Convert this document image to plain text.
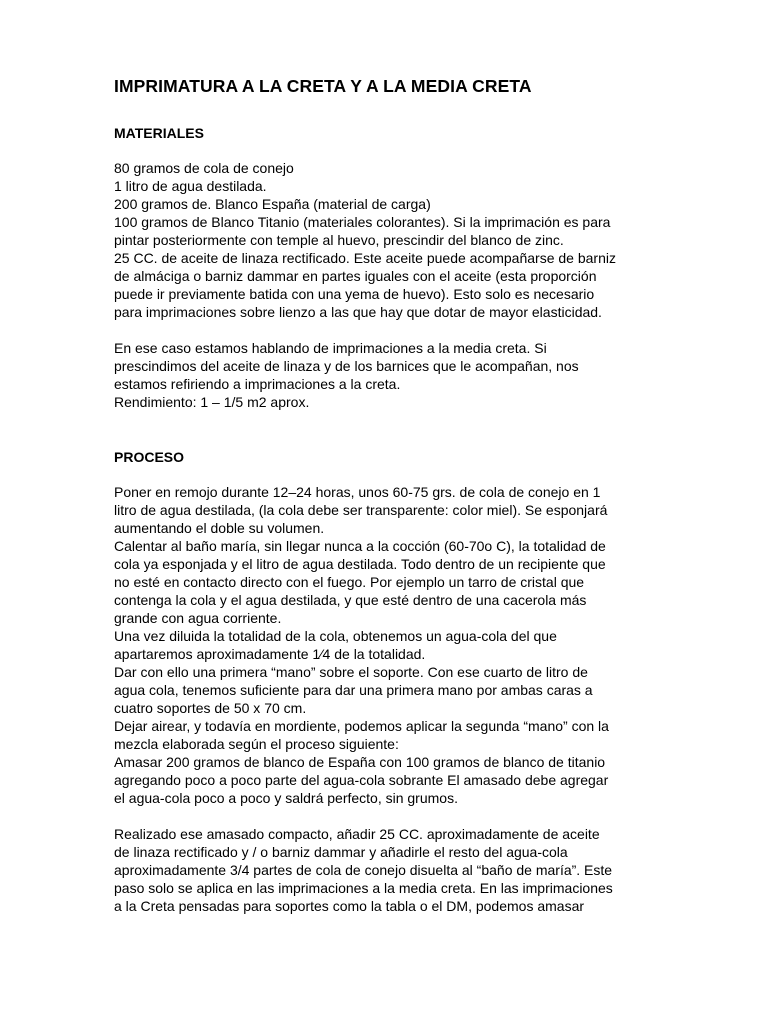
IMPRIMATURA A LA CRETA Y A LA MEDIA CRETA
MATERIALES
80 gramos de cola de conejo
1 litro de agua destilada.
200 gramos de. Blanco España (material de carga)
100 gramos de Blanco Titanio (materiales colorantes). Si la imprimación es para
pintar posteriormente con temple al huevo, prescindir del blanco de zinc.
25 CC. de aceite de linaza rectificado. Este aceite puede acompañarse de barniz
de almáciga o barniz dammar en partes iguales con el aceite (esta proporción
puede ir previamente batida con una yema de huevo). Esto solo es necesario
para imprimaciones sobre lienzo a las que hay que dotar de mayor elasticidad.
En ese caso estamos hablando de imprimaciones a la media creta. Si
prescindimos del aceite de linaza y de los barnices que le acompañan, nos
estamos refiriendo a imprimaciones a la creta.
Rendimiento: 1 – 1/5 m2 aprox.
PROCESO
Poner en remojo durante 12–24 horas, unos 60-75 grs. de cola de conejo en 1
litro de agua destilada, (la cola debe ser transparente: color miel). Se esponjará
aumentando el doble su volumen.
Calentar al baño maría, sin llegar nunca a la cocción (60-70o C), la totalidad de
cola ya esponjada y el litro de agua destilada. Todo dentro de un recipiente que
no esté en contacto directo con el fuego. Por ejemplo un tarro de cristal que
contenga la cola y el agua destilada, y que esté dentro de una cacerola más
grande con agua corriente.
Una vez diluida la totalidad de la cola, obtenemos un agua-cola del que
apartaremos aproximadamente 1⁄4 de la totalidad.
Dar con ello una primera “mano” sobre el soporte. Con ese cuarto de litro de
agua cola, tenemos suficiente para dar una primera mano por ambas caras a
cuatro soportes de 50 x 70 cm.
Dejar airear, y todavía en mordiente, podemos aplicar la segunda “mano” con la
mezcla elaborada según el proceso siguiente:
Amasar 200 gramos de blanco de España con 100 gramos de blanco de titanio
agregando poco a poco parte del agua-cola sobrante El amasado debe agregar
el agua-cola poco a poco y saldrá perfecto, sin grumos.
Realizado ese amasado compacto, añadir 25 CC. aproximadamente de aceite
de linaza rectificado y / o barniz dammar y añadirle el resto del agua-cola
aproximadamente 3/4 partes de cola de conejo disuelta al “baño de maría”. Este
paso solo se aplica en las imprimaciones a la media creta. En las imprimaciones
a la Creta pensadas para soportes como la tabla o el DM, podemos amasar
